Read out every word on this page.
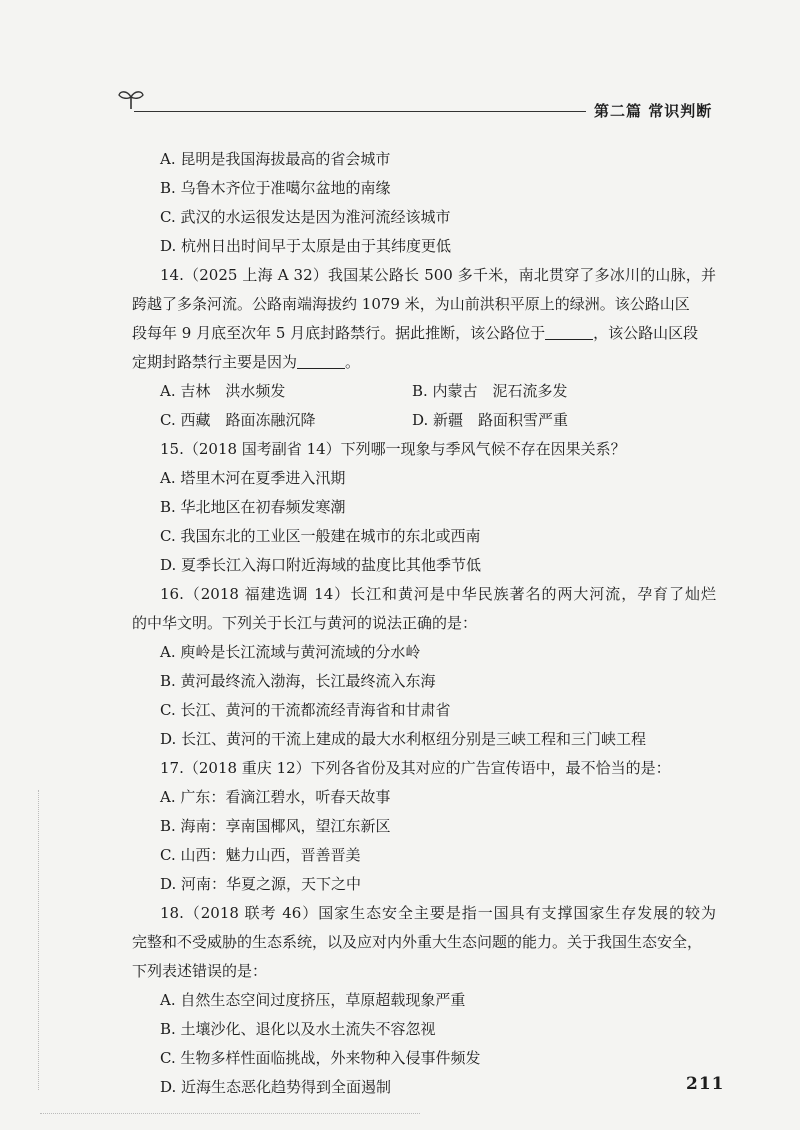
第二篇 常识判断
A. 昆明是我国海拔最高的省会城市
B. 乌鲁木齐位于准噶尔盆地的南缘
C. 武汉的水运很发达是因为淮河流经该城市
D. 杭州日出时间早于太原是由于其纬度更低
14.（2025 上海 A 32）我国某公路长 500 多千米，南北贯穿了多冰川的山脉，并
跨越了多条河流。公路南端海拔约 1079 米，为山前洪积平原上的绿洲。该公路山区
段每年 9 月底至次年 5 月底封路禁行。据此推断，该公路位于	，该公路山区段
定期封路禁行主要是因为	。
A. 吉林　洪水频发	B. 内蒙古　泥石流多发
C. 西藏　路面冻融沉降	D. 新疆　路面积雪严重
15.（2018 国考副省 14）下列哪一现象与季风气候不存在因果关系？
A. 塔里木河在夏季进入汛期
B. 华北地区在初春频发寒潮
C. 我国东北的工业区一般建在城市的东北或西南
D. 夏季长江入海口附近海域的盐度比其他季节低
16.（2018 福建选调 14）长江和黄河是中华民族著名的两大河流，孕育了灿烂
的中华文明。下列关于长江与黄河的说法正确的是：
A. 庾岭是长江流域与黄河流域的分水岭
B. 黄河最终流入渤海，长江最终流入东海
C. 长江、黄河的干流都流经青海省和甘肃省
D. 长江、黄河的干流上建成的最大水利枢纽分别是三峡工程和三门峡工程
17.（2018 重庆 12）下列各省份及其对应的广告宣传语中，最不恰当的是：
A. 广东：看滴江碧水，听春天故事
B. 海南：享南国椰风，望江东新区
C. 山西：魅力山西，晋善晋美
D. 河南：华夏之源，天下之中
18.（2018 联考 46）国家生态安全主要是指一国具有支撑国家生存发展的较为
完整和不受威胁的生态系统，以及应对内外重大生态问题的能力。关于我国生态安全，
下列表述错误的是：
A. 自然生态空间过度挤压，草原超载现象严重
B. 土壤沙化、退化以及水土流失不容忽视
C. 生物多样性面临挑战，外来物种入侵事件频发
D. 近海生态恶化趋势得到全面遏制	211
